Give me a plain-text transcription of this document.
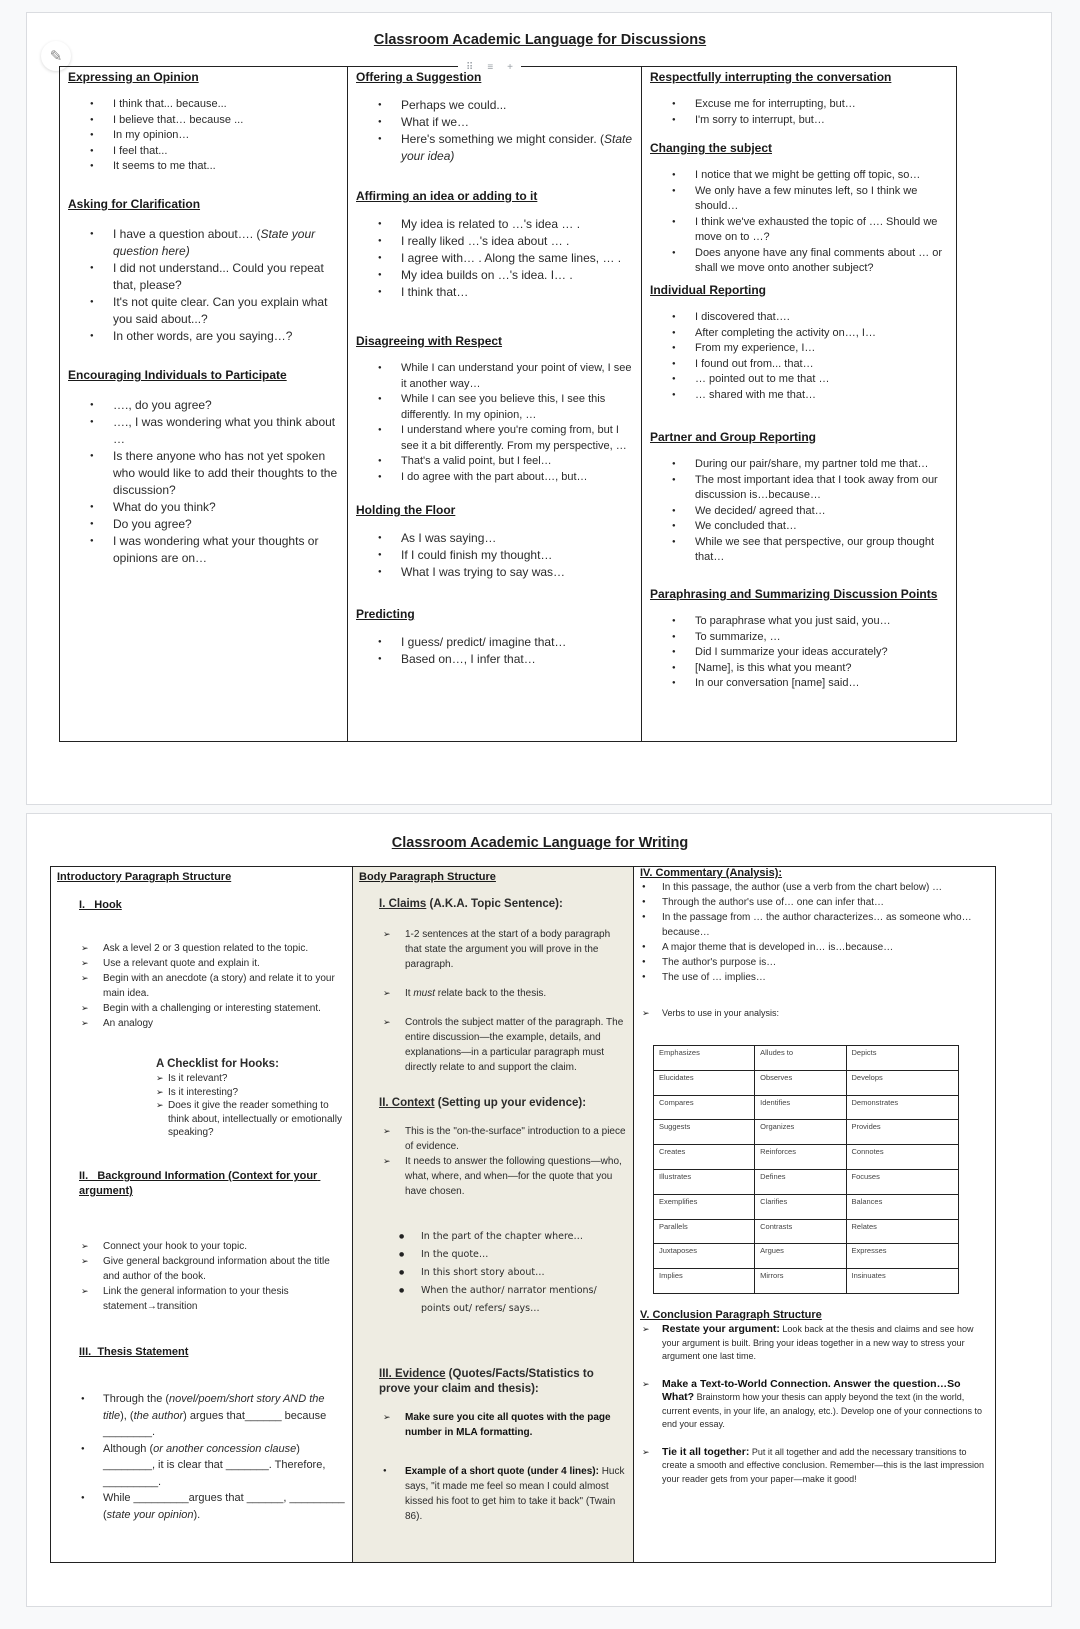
✎
Classroom Academic Language for Discussions
Expressing an Opinion
● I think that... because...
● I believe that… because ...
● In my opinion…
● I feel that...
● It seems to me that...
Asking for Clarification
● I have a question about…. (State your question here)
● I did not understand... Could you repeat that, please?
● It's not quite clear. Can you explain what you said about...?
● In other words, are you saying…?
Encouraging Individuals to Participate
● …., do you agree?
● …., I was wondering what you think about …
● Is there anyone who has not yet spoken who would like to add their thoughts to the discussion?
● What do you think?
● Do you agree?
● I was wondering what your thoughts or opinions are on…
⠿ ≡ +
Offering a Suggestion
● Perhaps we could...
● What if we…
● Here's something we might consider. (State your idea)
Affirming an idea or adding to it
● My idea is related to …'s idea … .
● I really liked …'s idea about … .
● I agree with… . Along the same lines, … .
● My idea builds on …'s idea. I… .
● I think that…
Disagreeing with Respect
● While I can understand your point of view, I see it another way…
● While I can see you believe this, I see this differently. In my opinion, …
● I understand where you're coming from, but I see it a bit differently. From my perspective, …
● That's a valid point, but I feel…
● I do agree with the part about…, but…
Holding the Floor
● As I was saying…
● If I could finish my thought…
● What I was trying to say was…
Predicting
● I guess/ predict/ imagine that…
● Based on…, I infer that…
Respectfully interrupting the conversation
● Excuse me for interrupting, but…
● I'm sorry to interrupt, but…
Changing the subject
● I notice that we might be getting off topic, so…
● We only have a few minutes left, so I think we should…
● I think we've exhausted the topic of …. Should we move on to …?
● Does anyone have any final comments about … or shall we move onto another subject?
Individual Reporting
● I discovered that….
● After completing the activity on…, I…
● From my experience, I…
● I found out from... that…
● … pointed out to me that …
● … shared with me that…
Partner and Group Reporting
● During our pair/share, my partner told me that…
● The most important idea that I took away from our discussion is…because…
● We decided/ agreed that…
● We concluded that…
● While we see that perspective, our group thought that…
Paraphrasing and Summarizing Discussion Points
● To paraphrase what you just said, you…
● To summarize, …
● Did I summarize your ideas accurately?
● [Name], is this what you meant?
● In our conversation [name] said…
Classroom Academic Language for Writing
Introductory Paragraph Structure
I.   Hook
➢ Ask a level 2 or 3 question related to the topic.
➢ Use a relevant quote and explain it.
➢ Begin with an anecdote (a story) and relate it to your main idea.
➢ Begin with a challenging or interesting statement.
➢ An analogy
A Checklist for Hooks:
➢ Is it relevant?
➢ Is it interesting?
➢ Does it give the reader something to think about, intellectually or emotionally speaking?
II.   Background Information (Context for your argument)
➢ Connect your hook to your topic.
➢ Give general background information about the title and author of the book.
➢ Link the general information to your thesis statement→transition
III.  Thesis Statement
● Through the (novel/poem/short story AND the title), (the author) argues that______ because ________.
● Although (or another concession clause) ________, it is clear that _______. Therefore, _________.
● While _________argues that ______, _________ (state your opinion).
Body Paragraph Structure
I. Claims (A.K.A. Topic Sentence):
➢ 1-2 sentences at the start of a body paragraph that state the argument you will prove in the paragraph.
➢ It must relate back to the thesis.
➢ Controls the subject matter of the paragraph. The entire discussion—the example, details, and explanations—in a particular paragraph must directly relate to and support the claim.
II. Context (Setting up your evidence):
➢ This is the "on-the-surface" introduction to a piece of evidence.
➢ It needs to answer the following questions—who, what, where, and when—for the quote that you have chosen.
● In the part of the chapter where…
● In the quote…
● In this short story about…
● When the author/ narrator mentions/ points out/ refers/ says…
III. Evidence (Quotes/Facts/Statistics to prove your claim and thesis):
➢ Make sure you cite all quotes with the page number in MLA formatting.
● Example of a short quote (under 4 lines): Huck says, "it made me feel so mean I could almost kissed his foot to get him to take it back" (Twain 86).
IV. Commentary (Analysis):
● In this passage, the author (use a verb from the chart below) …
● Through the author's use of… one can infer that…
● In the passage from … the author characterizes… as someone who… because…
● A major theme that is developed in… is…because…
● The author's purpose is…
● The use of … implies…
➢ Verbs to use in your analysis:
Emphasizes	Alludes to	Depicts
Elucidates	Observes	Develops
Compares	Identifies	Demonstrates
Suggests	Organizes	Provides
Creates	Reinforces	Connotes
Illustrates	Defines	Focuses
Exemplifies	Clarifies	Balances
Parallels	Contrasts	Relates
Juxtaposes	Argues	Expresses
Implies	Mirrors	Insinuates
V. Conclusion Paragraph Structure
➢ Restate your argument: Look back at the thesis and claims and see how your argument is built. Bring your ideas together in a new way to stress your argument one last time.
➢ Make a Text-to-World Connection. Answer the question…So What? Brainstorm how your thesis can apply beyond the text (in the world, current events, in your life, an analogy, etc.). Develop one of your connections to end your essay.
➢ Tie it all together: Put it all together and add the necessary transitions to create a smooth and effective conclusion. Remember—this is the last impression your reader gets from your paper—make it good!
